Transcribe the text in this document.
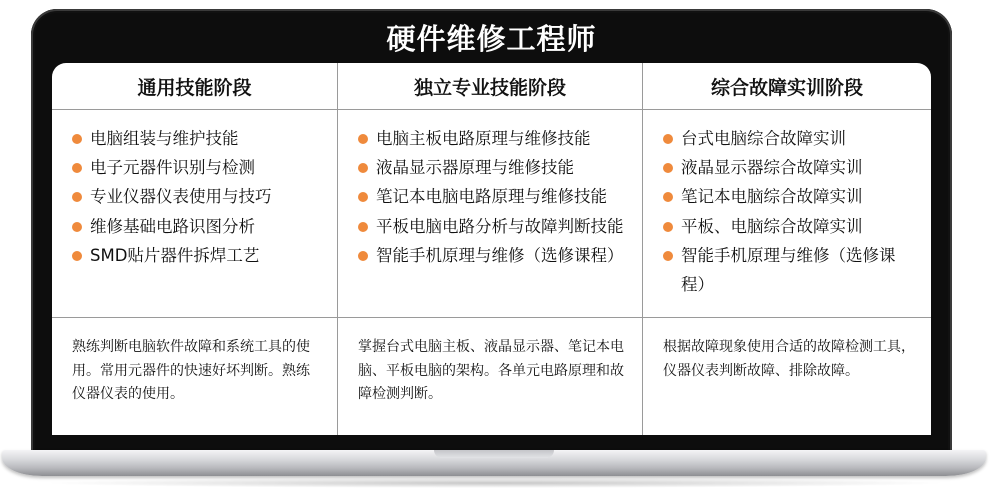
硬件维修工程师
通用技能阶段	独立专业技能阶段	综合故障实训阶段
电脑组装与维护技能
电子元器件识别与检测
专业仪器仪表使用与技巧
维修基础电路识图分析
SMD贴片器件拆焊工艺
电脑主板电路原理与维修技能
液晶显示器原理与维修技能
笔记本电脑电路原理与维修技能
平板电脑电路分析与故障判断技能
智能手机原理与维修（选修课程）
台式电脑综合故障实训
液晶显示器综合故障实训
笔记本电脑综合故障实训
平板、电脑综合故障实训
智能手机原理与维修（选修课程）
熟练判断电脑软件故障和系统工具的使用。常用元器件的快速好坏判断。熟练仪器仪表的使用。
掌握台式电脑主板、液晶显示器、笔记本电脑、平板电脑的架构。各单元电路原理和故障检测判断。
根据故障现象使用合适的故障检测工具，仪器仪表判断故障、排除故障。
